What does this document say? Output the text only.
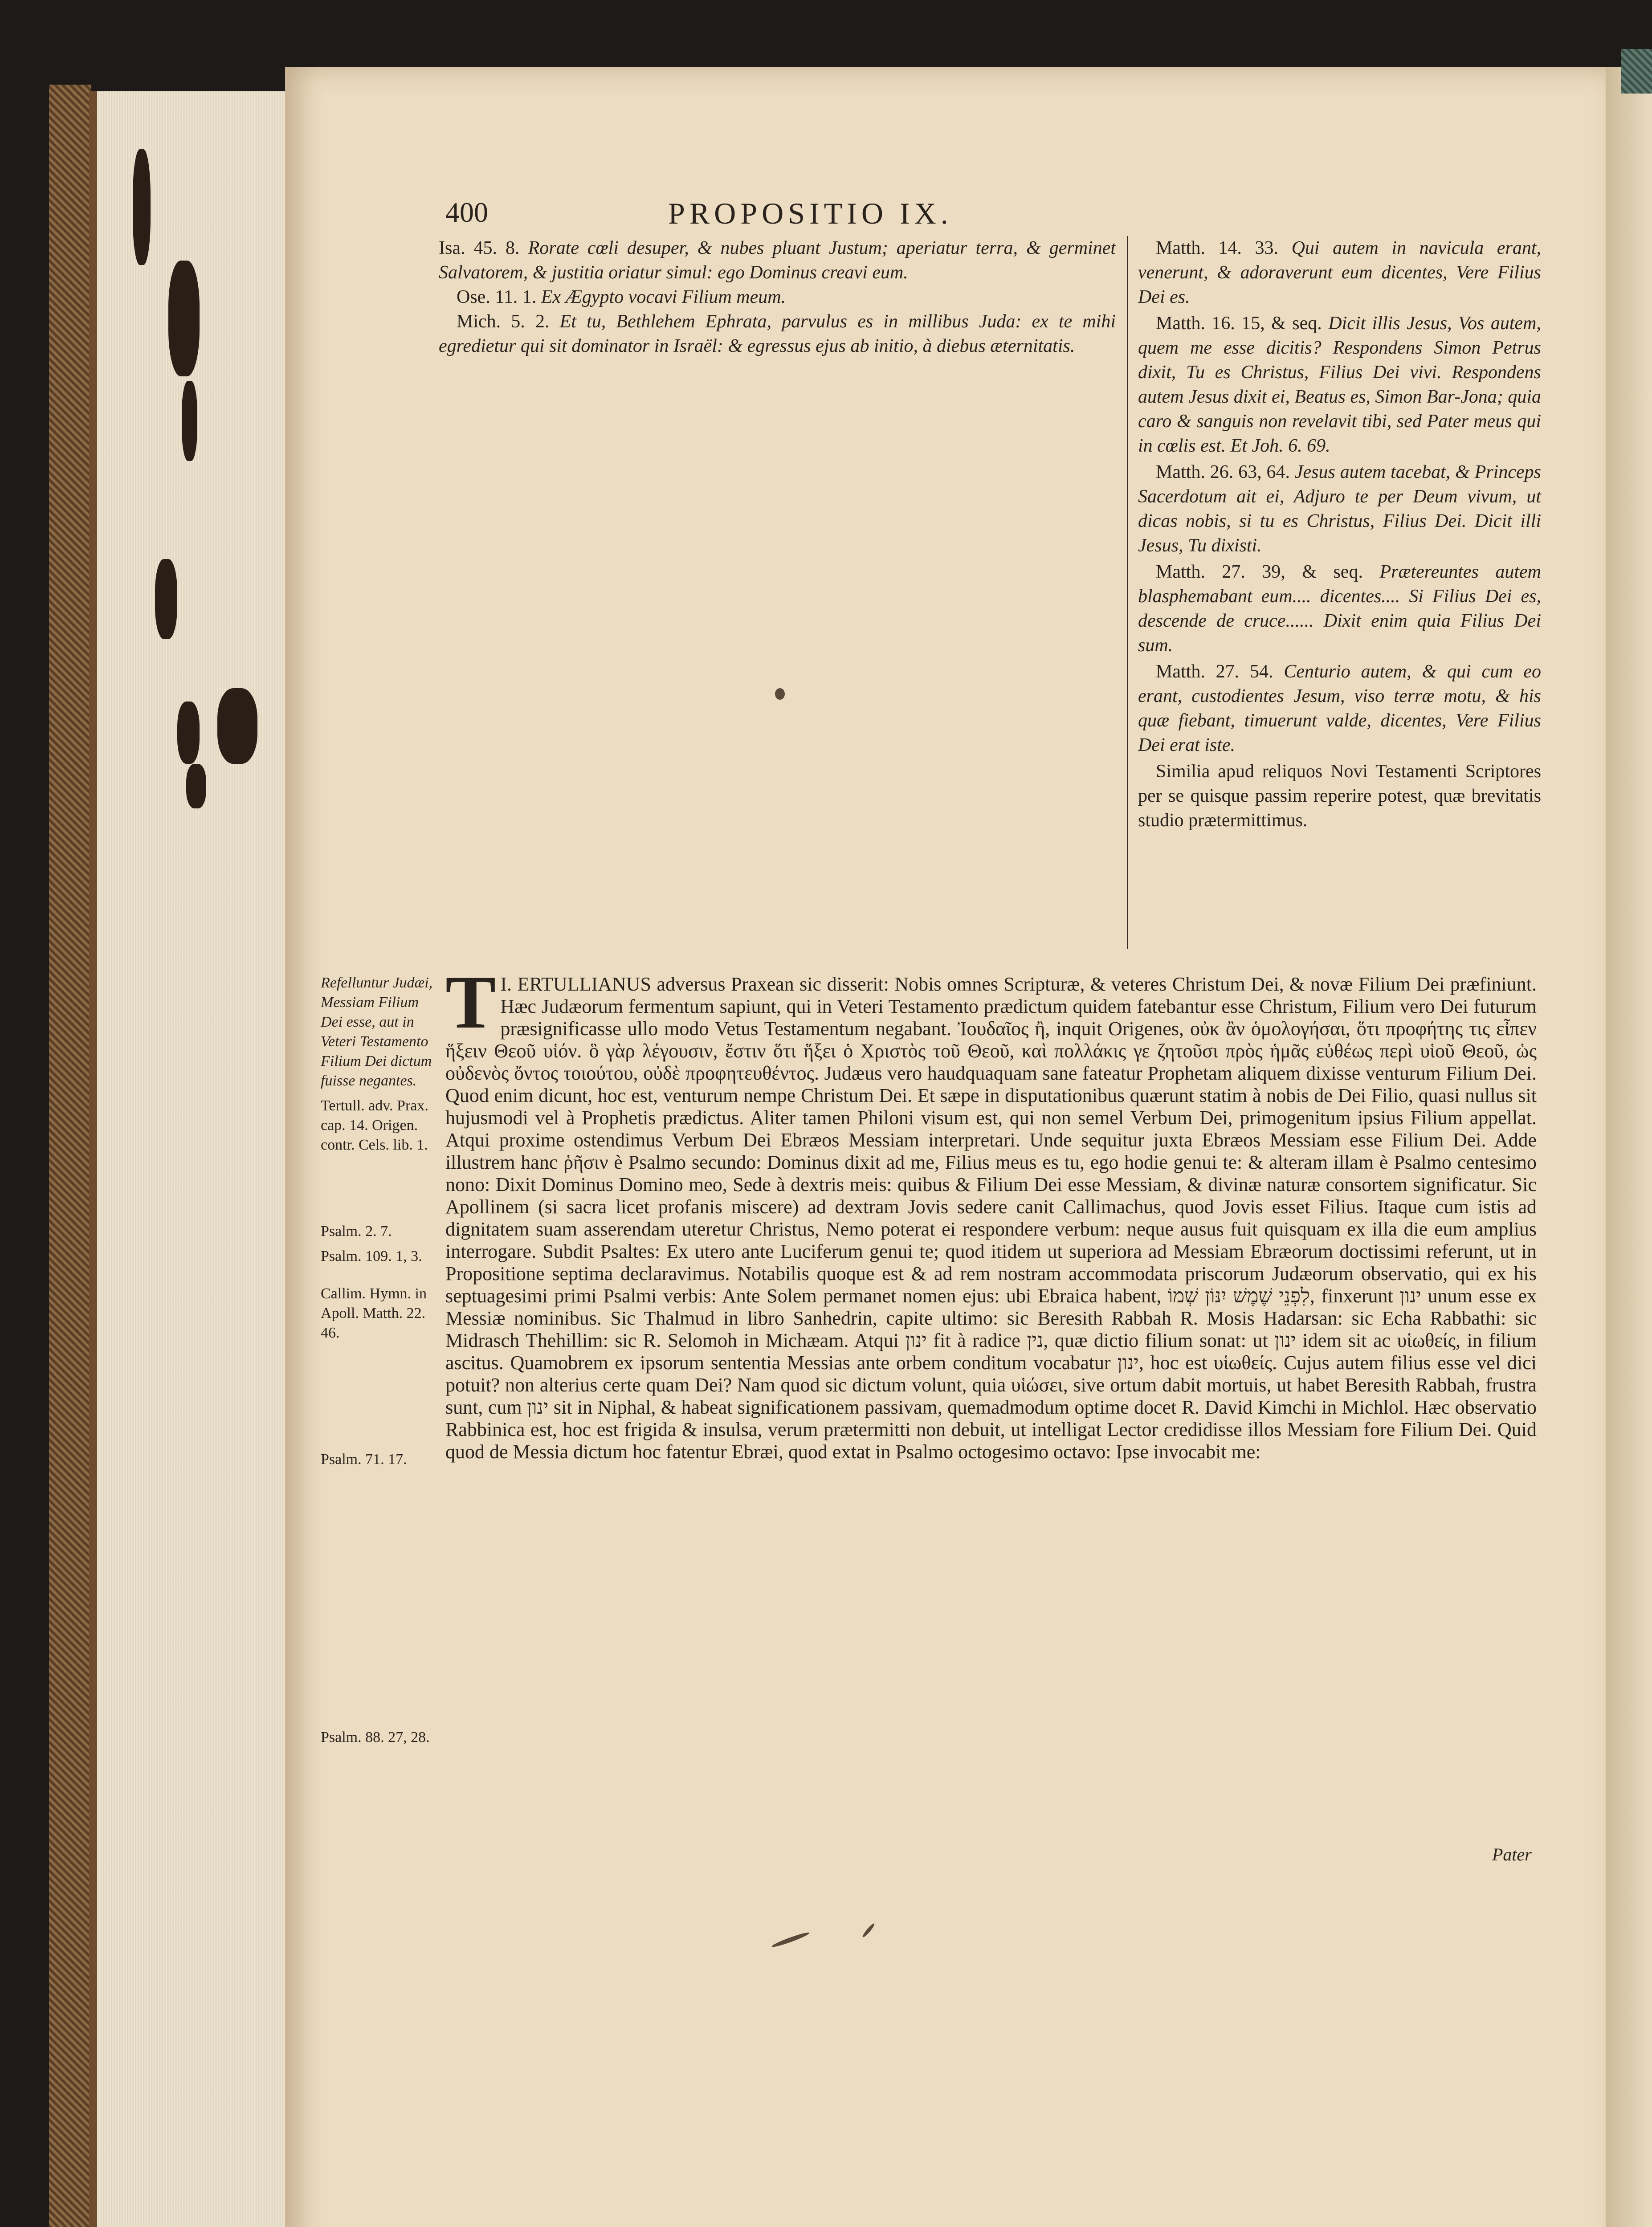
400	PROPOSITIO IX.

Isa. 45. 8. Rorate cœli desuper, & nubes pluant Justum; aperiatur terra, & germinet Salvatorem, & justitia oriatur simul: ego Dominus creavi eum.

Ose. 11. 1. Ex Ægypto vocavi Filium meum.

Mich. 5. 2. Et tu, Bethlehem Ephrata, parvulus es in millibus Juda: ex te mihi egredietur qui sit dominator in Israël: & egressus ejus ab initio, à diebus æternitatis.

Matth. 14. 33. Qui autem in navicula erant, venerunt, & adoraverunt eum dicentes, Vere Filius Dei es.

Matth. 16. 15, & seq. Dicit illis Jesus, Vos autem, quem me esse dicitis? Respondens Simon Petrus dixit, Tu es Christus, Filius Dei vivi. Respondens autem Jesus dixit ei, Beatus es, Simon Bar-Jona; quia caro & sanguis non revelavit tibi, sed Pater meus qui in cœlis est. Et Joh. 6. 69.

Matth. 26. 63, 64. Jesus autem tacebat, & Princeps Sacerdotum ait ei, Adjuro te per Deum vivum, ut dicas nobis, si tu es Christus, Filius Dei. Dicit illi Jesus, Tu dixisti.

Matth. 27. 39, & seq. Prætereuntes autem blasphemabant eum.... dicentes.... Si Filius Dei es, descende de cruce...... Dixit enim quia Filius Dei sum.

Matth. 27. 54. Centurio autem, & qui cum eo erant, custodientes Jesum, viso terræ motu, & his quæ fiebant, timuerunt valde, dicentes, Vere Filius Dei erat iste.

Similia apud reliquos Novi Testamenti Scriptores per se quisque passim reperire potest, quæ brevitatis studio prætermittimus.

Refelluntur Judæi, Messiam Filium Dei esse, aut in Veteri Testamento Filium Dei dictum fuisse negantes.
Tertull. adv. Prax. cap. 14. Origen. contr. Cels. lib. 1.
Psalm. 2. 7.
Psalm. 109. 1, 3.
Callim. Hymn. in Apoll. Matth. 22. 46.
Psalm. 71. 17.
Psalm. 88. 27, 28.
I.
T ERTULLIANUS adversus Praxean sic disserit: Nobis omnes Scripturæ, & veteres Christum Dei, & novæ Filium Dei præfiniunt. Hæc Judæorum fermentum sapiunt, qui in Veteri Testamento prædictum quidem fatebantur esse Christum, Filium vero Dei futurum præsignificasse ullo modo Vetus Testamentum negabant. Ἰουδαῖος ἢ, inquit Origenes, οὐκ ἂν ὁμολογήσαι, ὅτι προφήτης τις εἶπεν ἥξειν Θεοῦ υἱόν. ὃ γὰρ λέγουσιν, ἔστιν ὅτι ἥξει ὁ Χριστὸς τοῦ Θεοῦ, καὶ πολλάκις γε ζητοῦσι πρὸς ἡμᾶς εὐθέως περὶ υἱοῦ Θεοῦ, ὡς οὐδενὸς ὄντος τοιούτου, οὐδὲ προφητευθέντος. Judæus vero haudquaquam sane fateatur Prophetam aliquem dixisse venturum Filium Dei. Quod enim dicunt, hoc est, venturum nempe Christum Dei. Et sæpe in disputationibus quærunt statim à nobis de Dei Filio, quasi nullus sit hujusmodi vel à Prophetis prædictus. Aliter tamen Philoni visum est, qui non semel Verbum Dei, primogenitum ipsius Filium appellat. Atqui proxime ostendimus Verbum Dei Ebræos Messiam interpretari. Unde sequitur juxta Ebræos Messiam esse Filium Dei. Adde illustrem hanc ῥῆσιν è Psalmo secundo: Dominus dixit ad me, Filius meus es tu, ego hodie genui te: & alteram illam è Psalmo centesimo nono: Dixit Dominus Domino meo, Sede à dextris meis: quibus & Filium Dei esse Messiam, & divinæ naturæ consortem significatur. Sic Apollinem (si sacra licet profanis miscere) ad dextram Jovis sedere canit Callimachus, quod Jovis esset Filius. Itaque cum istis ad dignitatem suam asserendam uteretur Christus, Nemo poterat ei respondere verbum: neque ausus fuit quisquam ex illa die eum amplius interrogare. Subdit Psaltes: Ex utero ante Luciferum genui te; quod itidem ut superiora ad Messiam Ebræorum doctissimi referunt, ut in Propositione septima declaravimus. Notabilis quoque est & ad rem nostram accommodata priscorum Judæorum observatio, qui ex his septuagesimi primi Psalmi verbis: Ante Solem permanet nomen ejus: ubi Ebraica habent, לִפְנֵי שֶׁמֶשׁ יִנּוֹן שְׁמוֹ, finxerunt ינון unum esse ex Messiæ nominibus. Sic Thalmud in libro Sanhedrin, capite ultimo: sic Beresith Rabbah R. Mosis Hadarsan: sic Echa Rabbathi: sic Midrasch Thehillim: sic R. Selomoh in Michæam. Atqui ינון fit à radice נין, quæ dictio filium sonat: ut ינון idem sit ac υἱωθείς, in filium ascitus. Quamobrem ex ipsorum sententia Messias ante orbem conditum vocabatur ינון, hoc est υἱωθείς. Cujus autem filius esse vel dici potuit? non alterius certe quam Dei? Nam quod sic dictum volunt, quia υἱώσει, sive ortum dabit mortuis, ut habet Beresith Rabbah, frustra sunt, cum ינון sit in Niphal, & habeat significationem passivam, quemadmodum optime docet R. David Kimchi in Michlol. Hæc observatio Rabbinica est, hoc est frigida & insulsa, verum prætermitti non debuit, ut intelligat Lector credidisse illos Messiam fore Filium Dei. Quid quod de Messia dictum hoc fatentur Ebræi, quod extat in Psalmo octogesimo octavo: Ipse invocabit me:
Pater
